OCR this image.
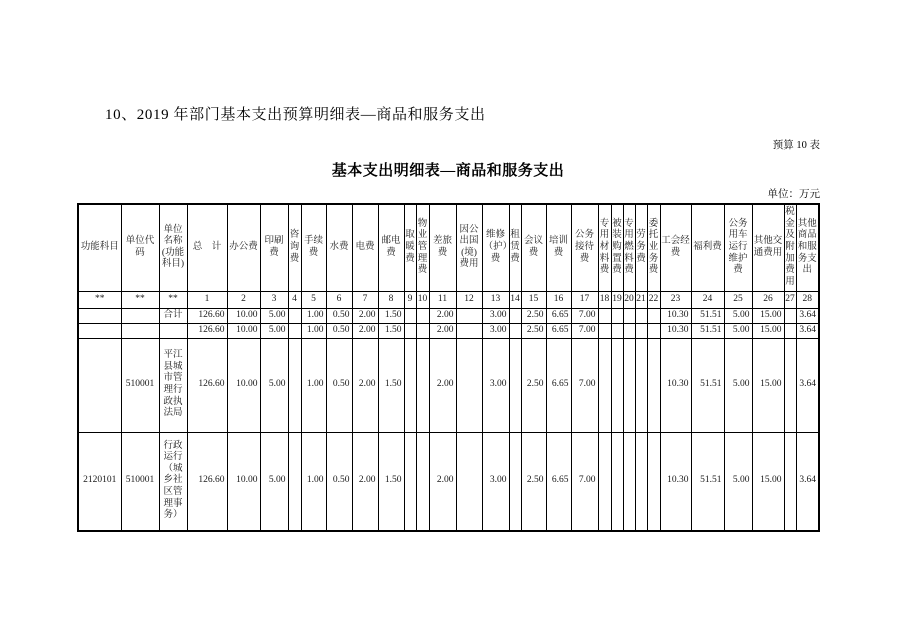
10、2019 年部门基本支出预算明细表—商品和服务支出
预算 10 表
基本支出明细表—商品和服务支出
单位：万元
功能科目	单位代码	单位名称(功能科目)	总　计	办公费	印刷费	咨询费	手续费	水费	电费	邮电费	取暖费	物业管理费	差旅费	因公出国(境)费用	维修（护）费	租赁费	会议费	培训费	公务接待费	专用材料费	被装购置费	专用燃料费	劳务费	委托业务费	工会经费	福利费	公务用车运行维护费	其他交通费用	税金及附加费用	其他商品和服务支出
**	**	**	1	2	3	4	5	6	7	8	9	10	11	12	13	14	15	16	17	18	19	20	21	22	23	24	25	26	27	28
		合计	126.60	10.00	5.00		1.00	0.50	2.00	1.50			2.00		3.00		2.50	6.65	7.00						10.30	51.51	5.00	15.00		3.64
			126.60	10.00	5.00		1.00	0.50	2.00	1.50			2.00		3.00		2.50	6.65	7.00						10.30	51.51	5.00	15.00		3.64
	510001	平江县城市管理行政执法局	126.60	10.00	5.00		1.00	0.50	2.00	1.50			2.00		3.00		2.50	6.65	7.00						10.30	51.51	5.00	15.00		3.64
2120101	510001	行政运行（城乡社区管理事务）	126.60	10.00	5.00		1.00	0.50	2.00	1.50			2.00		3.00		2.50	6.65	7.00						10.30	51.51	5.00	15.00		3.64
